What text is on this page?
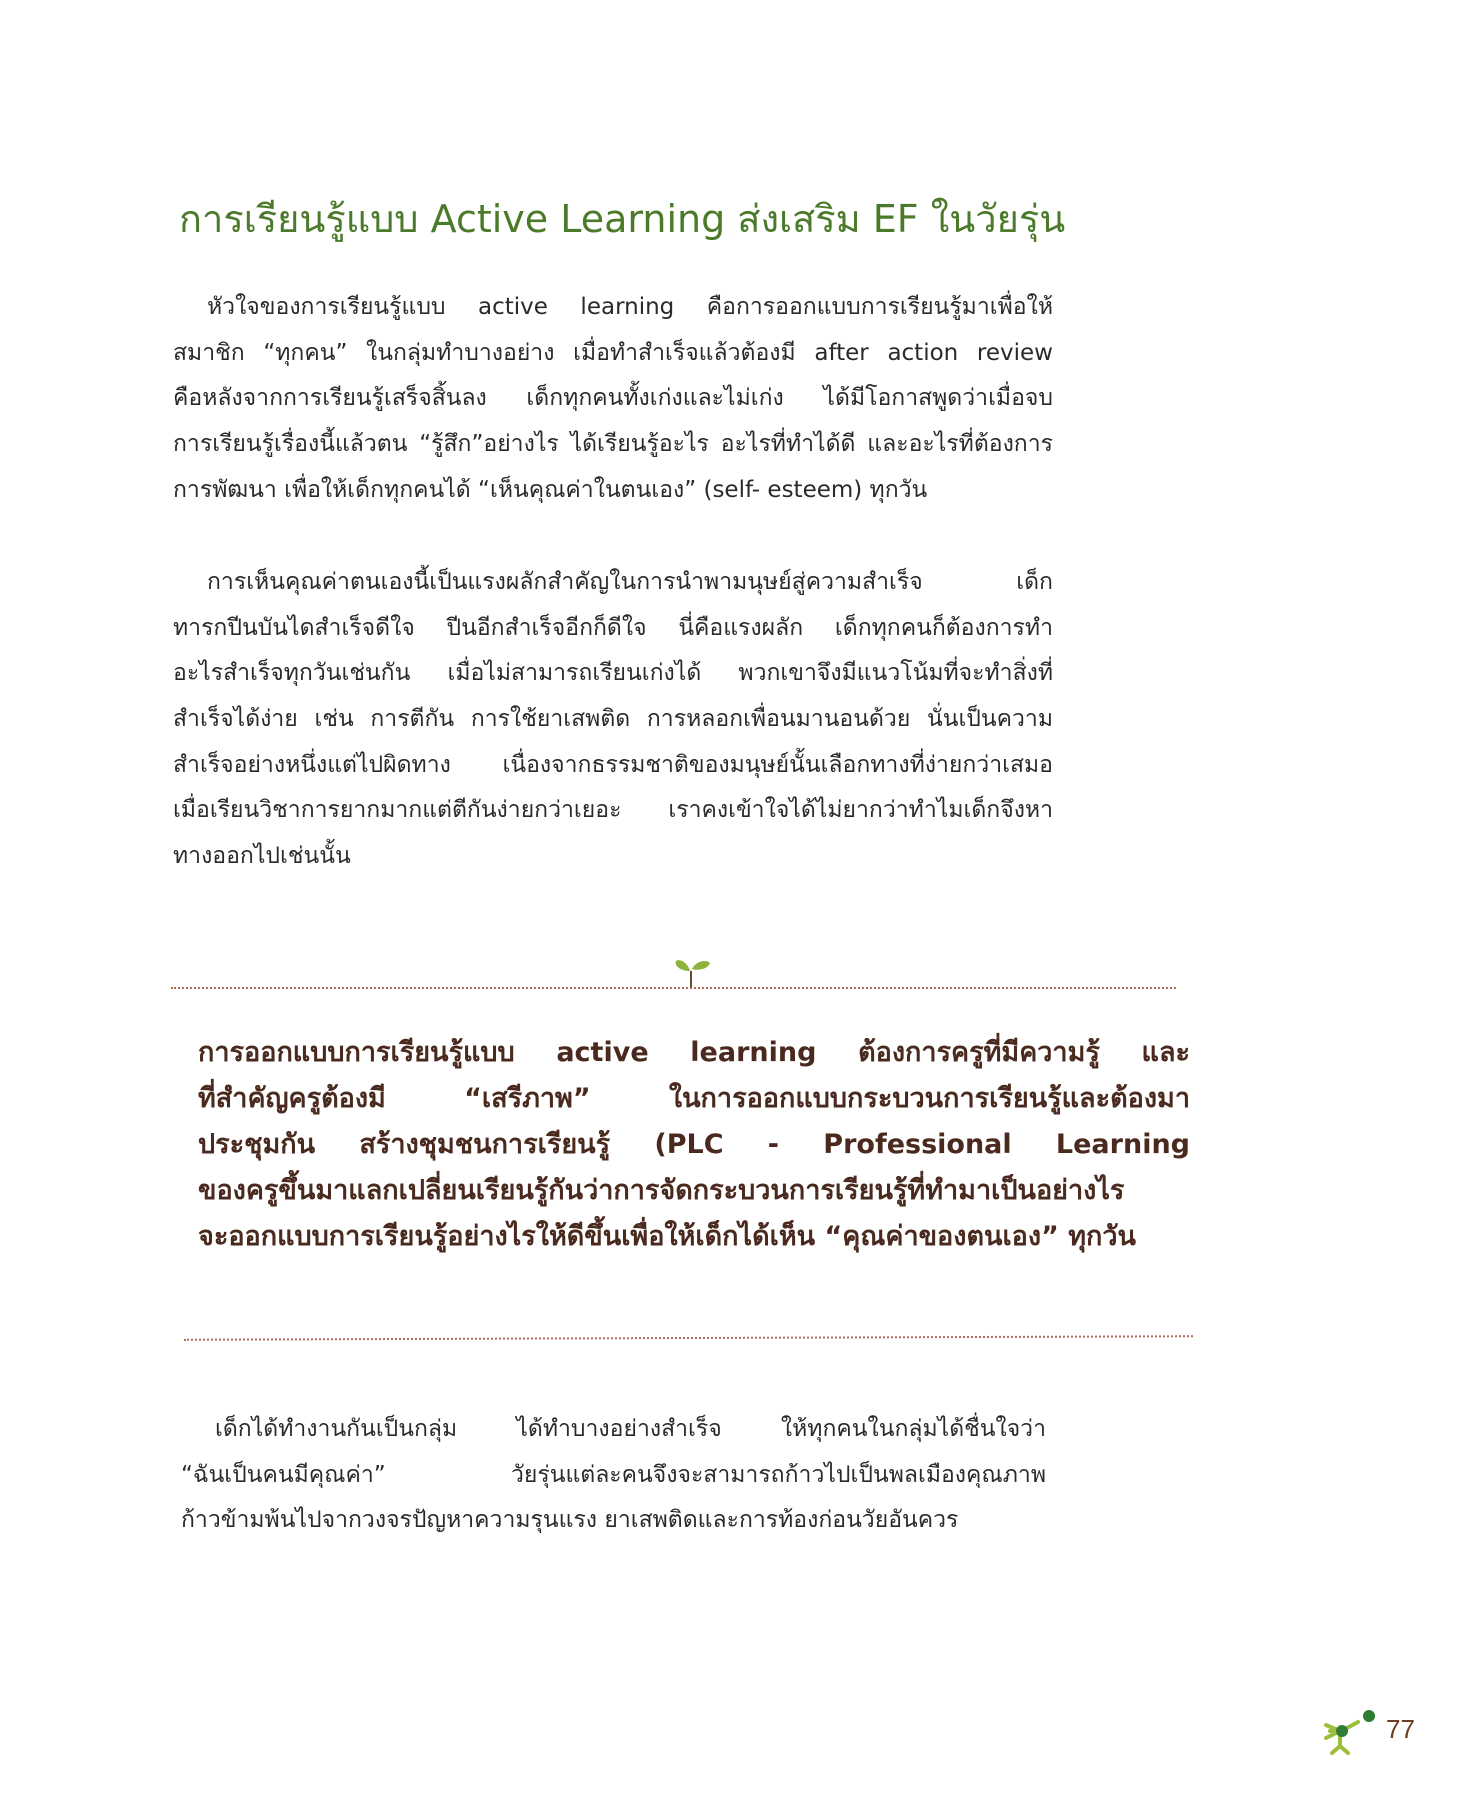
การเรียนรู้แบบ Active Learning ส่งเสริม EF ในวัยรุ่น
หัวใจของการเรียนรู้แบบ active learning คือการออกแบบการเรียนรู้มาเพื่อให้
สมาชิก “ทุกคน” ในกลุ่มทำบางอย่าง เมื่อทำสำเร็จแล้วต้องมี after action review
คือหลังจากการเรียนรู้เสร็จสิ้นลง เด็กทุกคนทั้งเก่งและไม่เก่ง ได้มีโอกาสพูดว่าเมื่อจบ
การเรียนรู้เรื่องนี้แล้วตน “รู้สึก”อย่างไร ได้เรียนรู้อะไร อะไรที่ทำได้ดี และอะไรที่ต้องการ
การพัฒนา เพื่อให้เด็กทุกคนได้ “เห็นคุณค่าในตนเอง” (self- esteem) ทุกวัน
การเห็นคุณค่าตนเองนี้เป็นแรงผลักสำคัญในการนำพามนุษย์สู่ความสำเร็จ เด็ก
ทารกปีนบันไดสำเร็จดีใจ ปีนอีกสำเร็จอีกก็ดีใจ นี่คือแรงผลัก เด็กทุกคนก็ต้องการทำ
อะไรสำเร็จทุกวันเช่นกัน เมื่อไม่สามารถเรียนเก่งได้ พวกเขาจึงมีแนวโน้มที่จะทำสิ่งที่
สำเร็จได้ง่าย เช่น การตีกัน การใช้ยาเสพติด การหลอกเพื่อนมานอนด้วย นั่นเป็นความ
สำเร็จอย่างหนึ่งแต่ไปผิดทาง เนื่องจากธรรมชาติของมนุษย์นั้นเลือกทางที่ง่ายกว่าเสมอ
เมื่อเรียนวิชาการยากมากแต่ตีกันง่ายกว่าเยอะ เราคงเข้าใจได้ไม่ยากว่าทำไมเด็กจึงหา
ทางออกไปเช่นนั้น
การออกแบบการเรียนรู้แบบ active learning ต้องการครูที่มีความรู้ และ
ที่สำคัญครูต้องมี “เสรีภาพ” ในการออกแบบกระบวนการเรียนรู้และต้องมา
ประชุมกัน สร้างชุมชนการเรียนรู้ (PLC - Professional Learning
ของครูขึ้นมาแลกเปลี่ยนเรียนรู้กันว่าการจัดกระบวนการเรียนรู้ที่ทำมาเป็นอย่างไร
จะออกแบบการเรียนรู้อย่างไรให้ดีขึ้นเพื่อให้เด็กได้เห็น “คุณค่าของตนเอง” ทุกวัน
เด็กได้ทำงานกันเป็นกลุ่ม ได้ทำบางอย่างสำเร็จ ให้ทุกคนในกลุ่มได้ชื่นใจว่า
“ฉันเป็นคนมีคุณค่า” วัยรุ่นแต่ละคนจึงจะสามารถก้าวไปเป็นพลเมืองคุณภาพ
ก้าวข้ามพ้นไปจากวงจรปัญหาความรุนแรง ยาเสพติดและการท้องก่อนวัยอันควร
77
